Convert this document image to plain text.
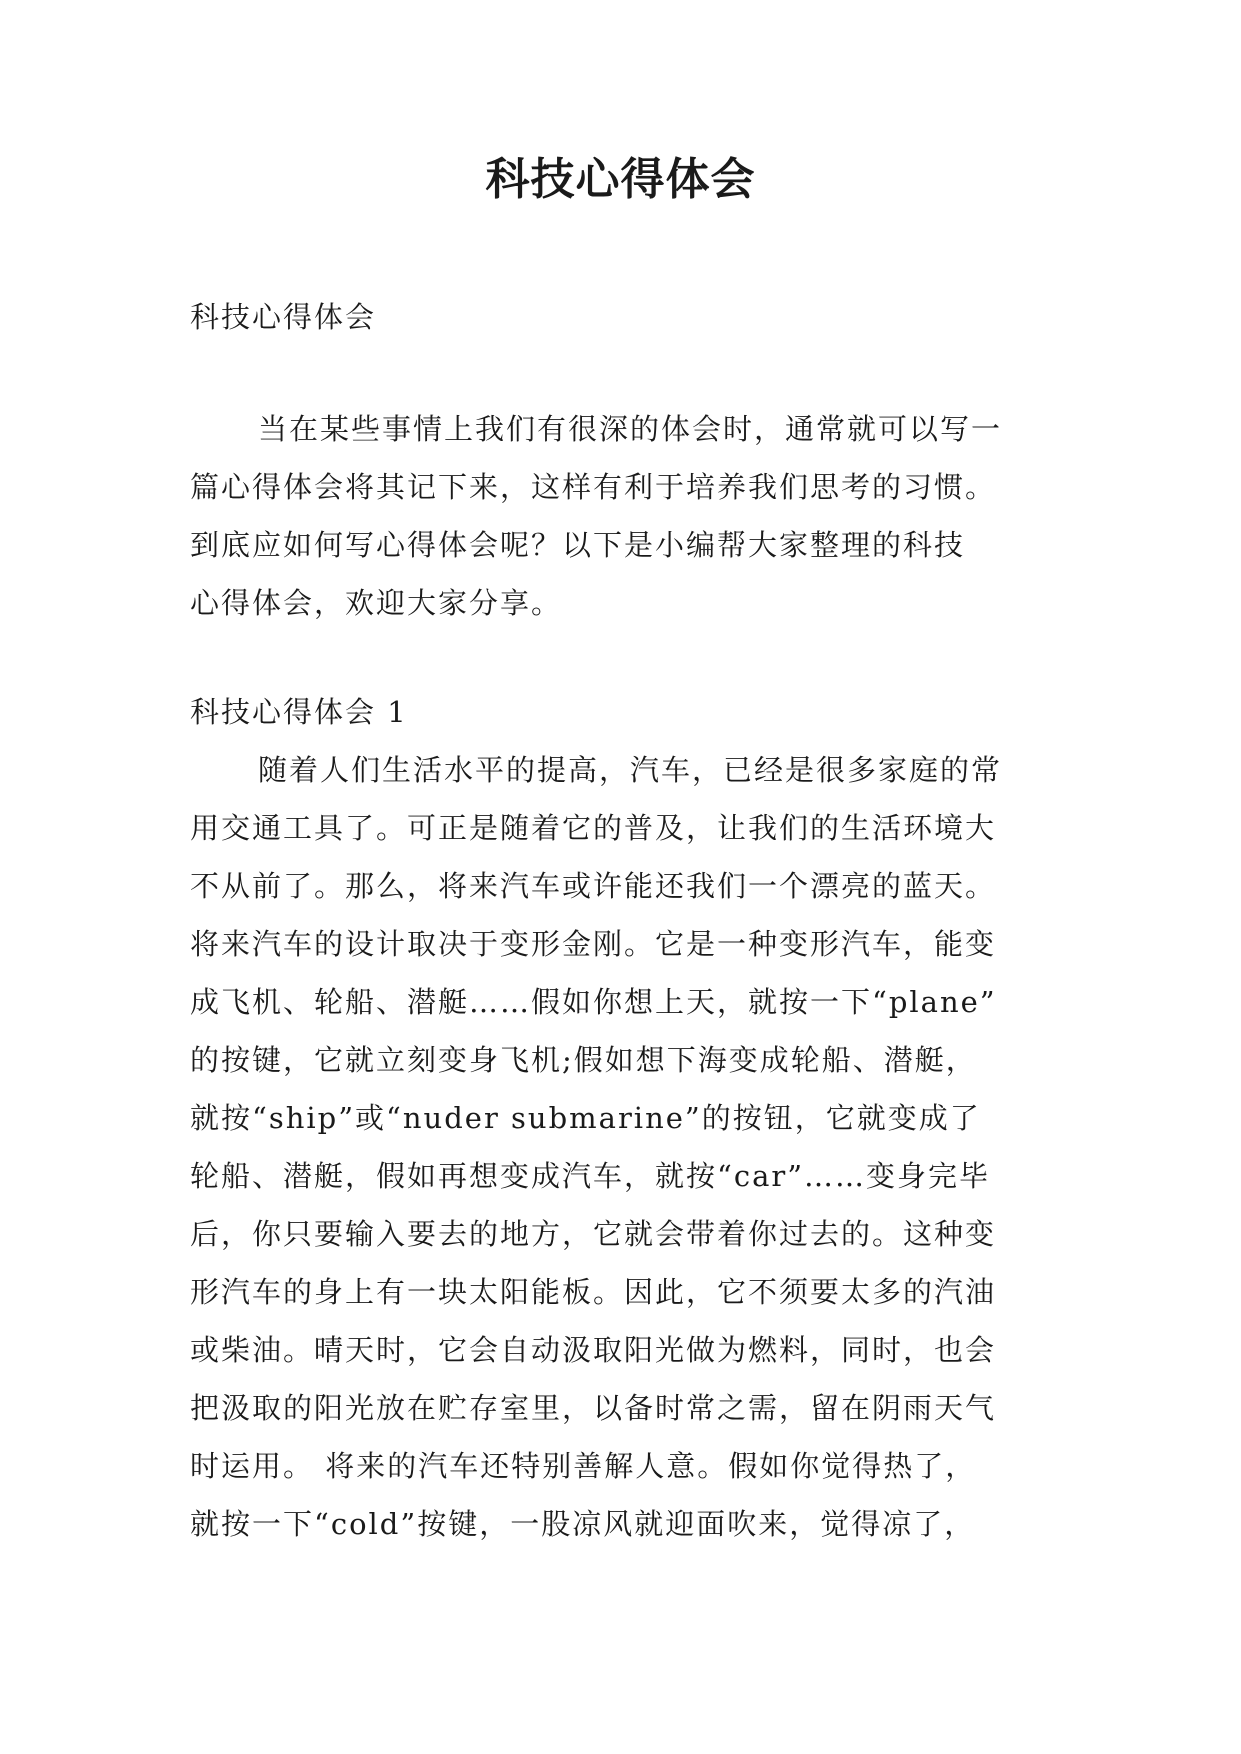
科技心得体会

科技心得体会

当在某些事情上我们有很深的体会时，通常就可以写一
篇心得体会将其记下来，这样有利于培养我们思考的习惯。
到底应如何写心得体会呢？以下是小编帮大家整理的科技
心得体会，欢迎大家分享。
科技心得体会 1
随着人们生活水平的提高，汽车，已经是很多家庭的常
用交通工具了。可正是随着它的普及，让我们的生活环境大
不从前了。那么，将来汽车或许能还我们一个漂亮的蓝天。
将来汽车的设计取决于变形金刚。它是一种变形汽车，能变
成飞机、轮船、潜艇……假如你想上天，就按一下“plane”
的按键，它就立刻变身飞机;假如想下海变成轮船、潜艇，
就按“ship”或“nuder submarine”的按钮，它就变成了
轮船、潜艇，假如再想变成汽车，就按“car”……变身完毕
后，你只要输入要去的地方，它就会带着你过去的。这种变
形汽车的身上有一块太阳能板。因此，它不须要太多的汽油
或柴油。晴天时，它会自动汲取阳光做为燃料，同时，也会
把汲取的阳光放在贮存室里，以备时常之需，留在阴雨天气
时运用。 将来的汽车还特别善解人意。假如你觉得热了，
就按一下“cold”按键，一股凉风就迎面吹来，觉得凉了，
